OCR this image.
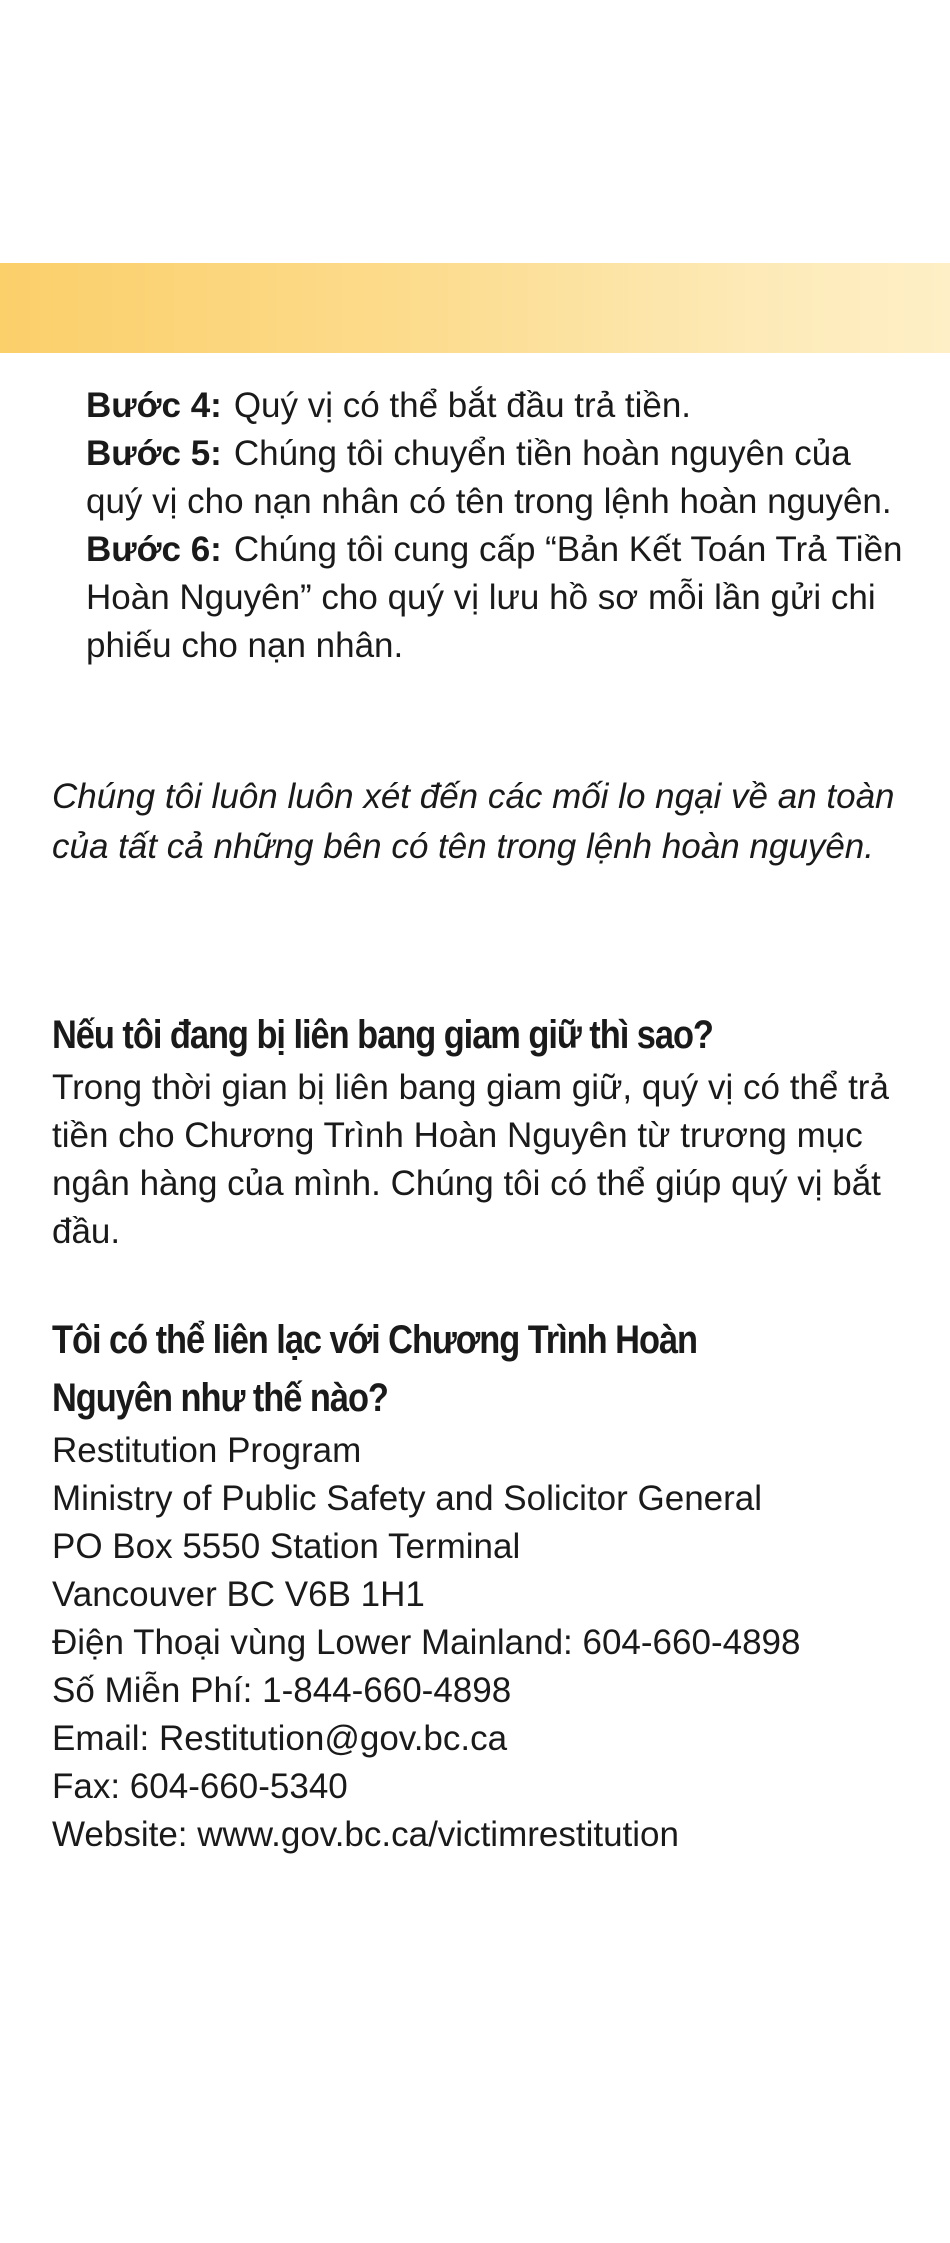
Bước 4: Quý vị có thể bắt đầu trả tiền.

Bước 5: Chúng tôi chuyển tiền hoàn nguyên của quý vị cho nạn nhân có tên trong lệnh hoàn nguyên.

Bước 6: Chúng tôi cung cấp “Bản Kết Toán Trả Tiền Hoàn Nguyên” cho quý vị lưu hồ sơ mỗi lần gửi chi phiếu cho nạn nhân.

Chúng tôi luôn luôn xét đến các mối lo ngại về an toàn của tất cả những bên có tên trong lệnh hoàn nguyên.

Nếu tôi đang bị liên bang giam giữ thì sao?

Trong thời gian bị liên bang giam giữ, quý vị có thể trả tiền cho Chương Trình Hoàn Nguyên từ trương mục ngân hàng của mình. Chúng tôi có thể giúp quý vị bắt đầu.

Tôi có thể liên lạc với Chương Trình Hoàn
Nguyên như thế nào?
Restitution Program
Ministry of Public Safety and Solicitor General
PO Box 5550 Station Terminal
Vancouver BC V6B 1H1
Điện Thoại vùng Lower Mainland: 604-660-4898
Số Miễn Phí: 1-844-660-4898
Email: Restitution@gov.bc.ca
Fax: 604-660-5340
Website: www.gov.bc.ca/victimrestitution
